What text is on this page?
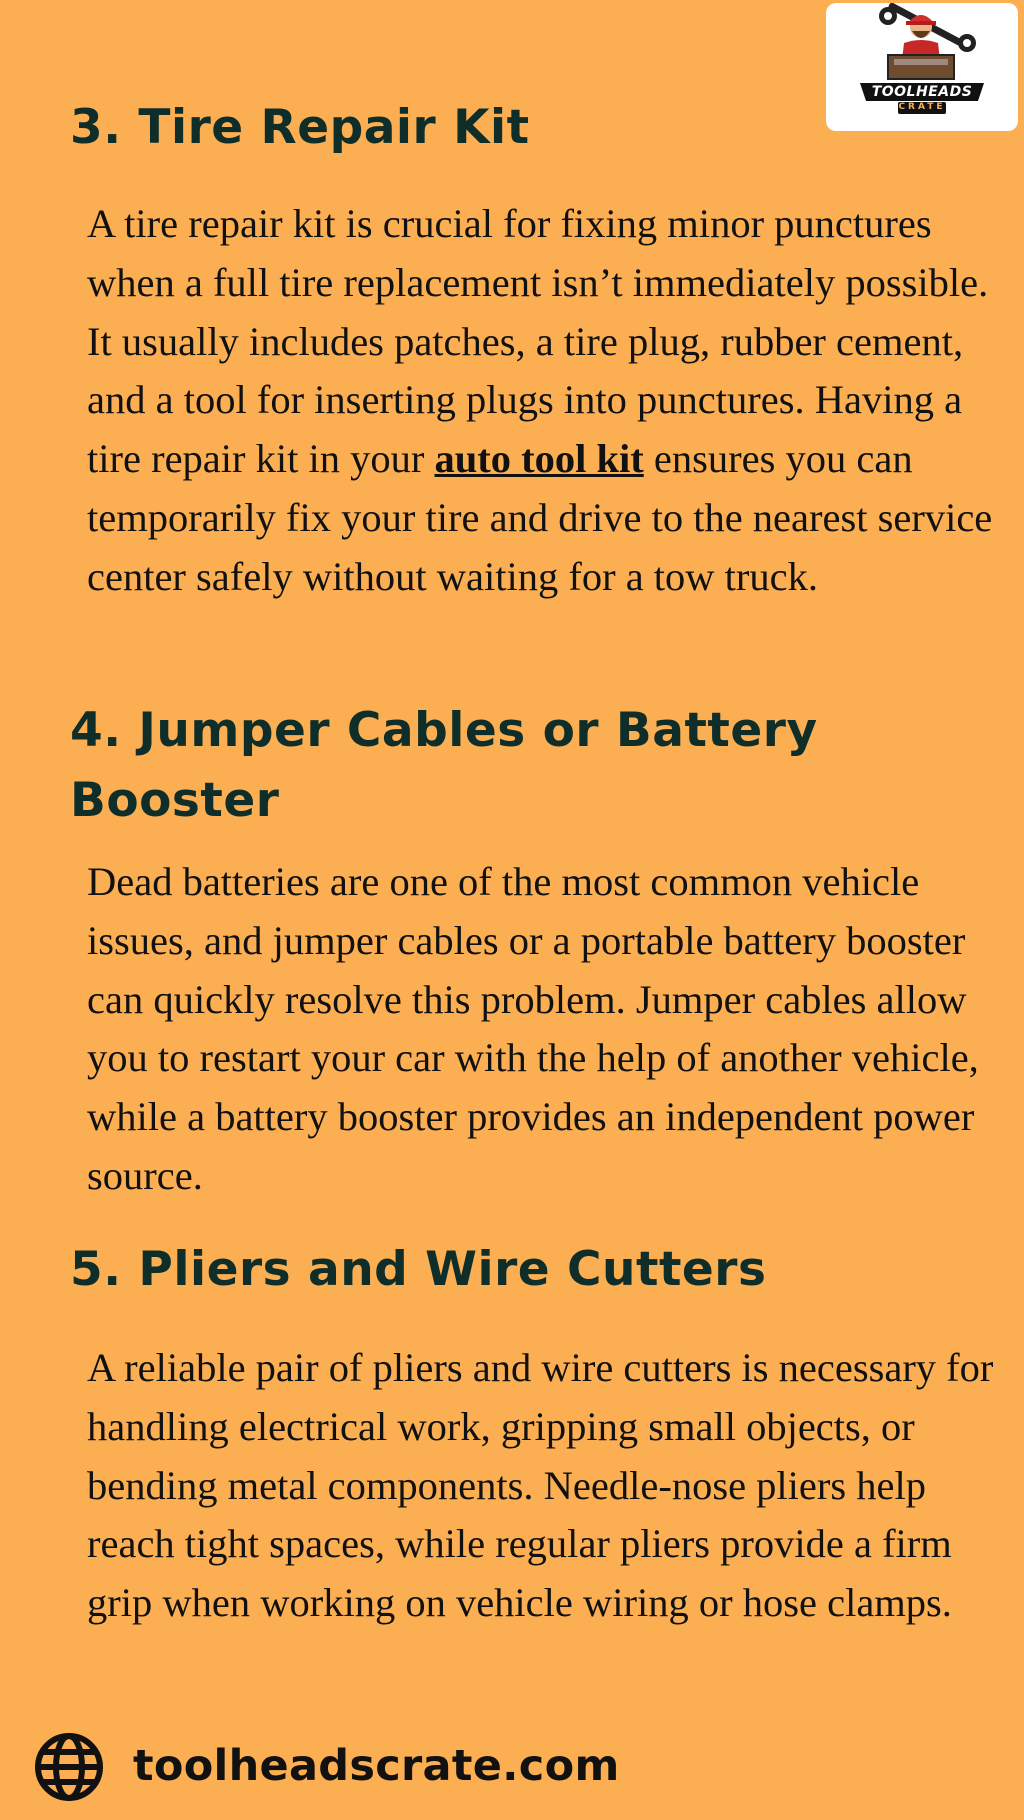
TOOLHEADS
CRATE
3. Tire Repair Kit

A tire repair kit is crucial for fixing minor punctures when a full tire replacement isn’t immediately possible. It usually includes patches, a tire plug, rubber cement, and a tool for inserting plugs into punctures. Having a tire repair kit in your auto tool kit ensures you can temporarily fix your tire and drive to the nearest service center safely without waiting for a tow truck.

4. Jumper Cables or Battery Booster

Dead batteries are one of the most common vehicle issues, and jumper cables or a portable battery booster can quickly resolve this problem. Jumper cables allow you to restart your car with the help of another vehicle, while a battery booster provides an independent power source.

5. Pliers and Wire Cutters

A reliable pair of pliers and wire cutters is necessary for handling electrical work, gripping small objects, or bending metal components. Needle-nose pliers help reach tight spaces, while regular pliers provide a firm grip when working on vehicle wiring or hose clamps.

toolheadscrate.com
